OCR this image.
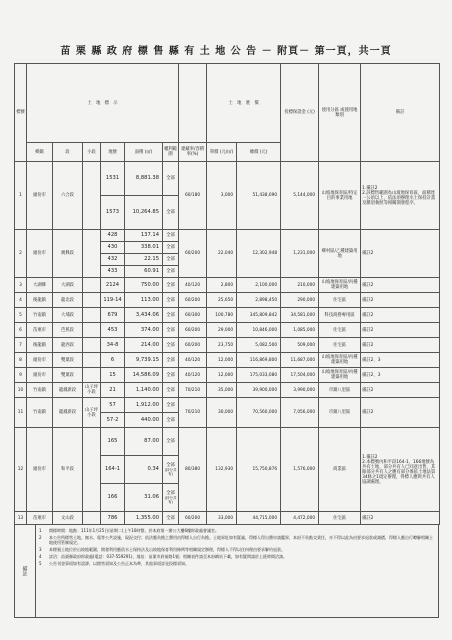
苗 栗 縣 政 府 標 售 縣 有 土 地 公 告 － 附頁－ 第一頁，共一頁
標號	土　地　標　示							土　地　底　價		投標保證金 (元)	使用分區 或使用地類別	備註
	鄉鎮	段	小段	地號	面積 (㎡)	權利範圍	建蔽率/容積率(%)	單價 (元/㎡)	總價 (元)			
1	頭份市	六合段		1531	8,881.38	全部	60/180	3,000	51,438,090	5,144,000	山坡地保育區/特定目的事業用地	1.備註2
2.該標售範圍為山坡地保育區，面積達一公頃以上，依法須辦理水土保持計畫及雜項執照等相關開發程序。

				1573	10,264.85	全部						
2	頭份市	廣興段		428	137.14	全部	60/200	22,040	12,302,948	1,231,000	鄉村區/乙種建築用地	備註2

				430	338.01	全部						
				432	22.15	全部						
				433	60.91	全部						
3	大湖鄉	大湖段		2124	750.00	全部	40/120	2,800	2,100,000	210,000	山坡地保育區/丙種建築用地	備註2

4	後龍鎮	龍北段		119-14	113.00	全部	60/200	25,650	2,898,450	290,000	住宅區	備註2

5	竹南鎮	大埔段		679	3,434.06	全部	60/300	100,780	345,809,842	34,581,000	科技商務專用區	備註2

6	苗栗市	芭蕉段		453	374.00	全部	60/200	29,000	10,846,000	1,085,000	住宅區	備註2

7	後龍鎮	龍西段		34-8	214.00	全部	60/200	23,750	5,082,500	509,000	住宅區	備註2

8	頭份市	雙菓段		6	9,739.15	全部	40/120	12,000	116,869,800	11,687,000	山坡地保育區/丙種建築用地	備註2、3

9	頭份市	雙菓段		15	14,586.09	全部	40/120	12,000	175,033,080	17,504,000	山坡地保育區/丙種建築用地	備註2、3

10	竹南鎮	龍鳳新段	山子坪小段	21	1,140.00	全部	70/210	35,000	39,900,000	3,990,000	市鎮八里區	備註2

11	竹南鎮	龍鳳新段	山子坪小段	57	1,912.00	全部	70/210	30,000	70,560,000	7,056,000	市鎮八里區	備註2

				57-2	440.00	全部						
12	頭份市	和平段		165	87.00	全部	80/380	132,930	15,750,876	1,576,000	商業區	1.備註2
2.本標號內和平段164-1、166地號為共有土地，部分共有人已同意出售，其餘部分共有人之應有部分係依土地法第34條之1規定辦理，得標人應與共有人協調處理。

				164-1	0.34	全部
(持分共有)						

				166	31.06	全部
(持分共有)						

13	苗栗市	文山段		786	1,355.00	全部	60/200	33,000	44,715,000	4,472,000	住宅區	備註2
備註
1	開標時間：地點：111年1月25日(星期二)上午10時整，於本府第一辦公大樓6樓財政處會議室。
2	本公告所標售土地，無水、電等公共設施，現況交付；依法應負擔之費用由得標人自行負擔。土地界址如有疑義，得標人得自費申請鑑界，本府不負點交責任，亦不得以此為由要求退款或減價，得標人應自行瞭解相關土地使用管制規定。
3	本標號土地位於山坡地範圍，開發利用應依水土保持法及山坡地保育利用條例等相關規定辦理，得標人不得以任何理由要求解約退款。
4	詳洽：苗栗縣政府財政處(電話：037-559291)，地址：苗栗市府前路1號；相關表件請至本府網站下載，如有疑問請於上班時間洽詢。
5	公告刊登事項如有誤謬，以標售須知及公告正本為準，其他事項詳見投標須知。
